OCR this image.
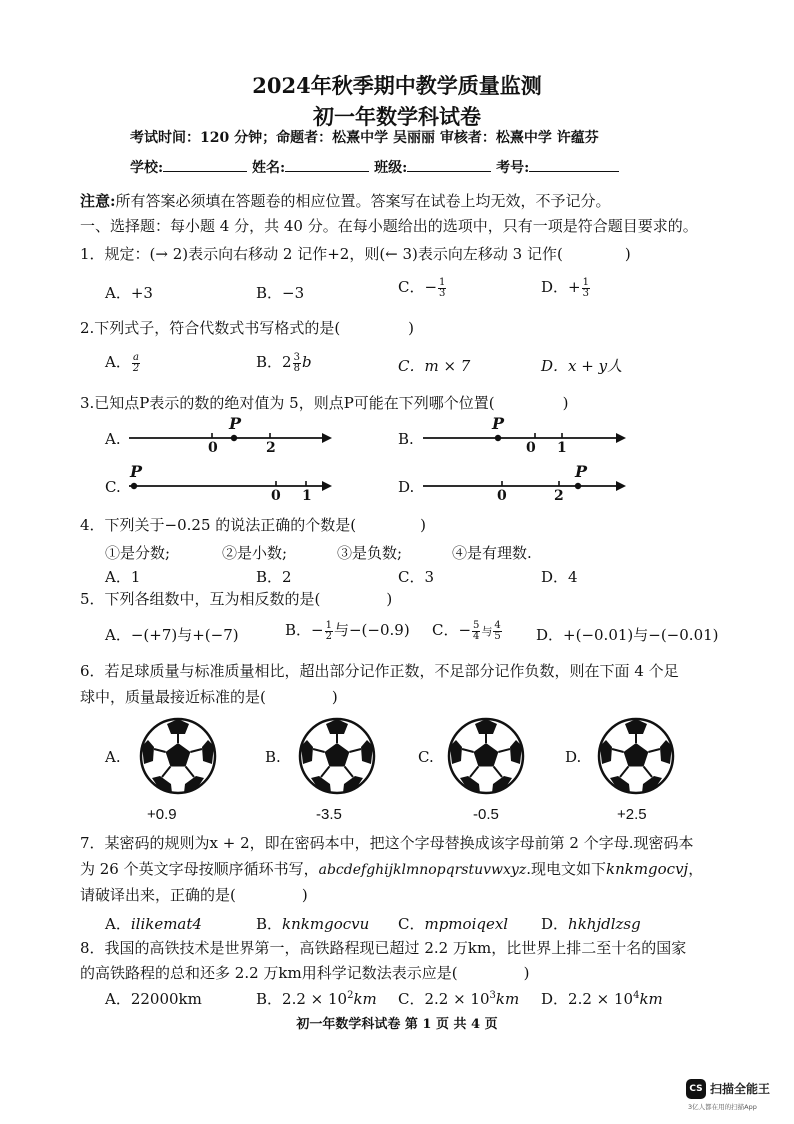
2024年秋季期中教学质量监测
初一年数学科试卷
考试时间：120 分钟；命题者：松熹中学 吴丽丽 审核者：松熹中学 许蕴芬
学校:	姓名:	班级:	考号:
注意:所有答案必须填在答题卷的相应位置。答案写在试卷上均无效，不予记分。
一、选择题：每小题 4 分，共 40 分。在每小题给出的选项中，只有一项是符合题目要求的。
1．规定：(→ 2)表示向右移动 2 记作+2，则(← 3)表示向左移动 3 记作(	)
A．+3	B．−3	C．− $\frac{1}{3}$	D．+ $\frac{1}{3}$
2.下列式子，符合代数式书写格式的是(	)
A． $\frac{a}{2}$	B．$2 \frac{3}{8}$ b	C．m × 7	D．x + y人
3.已知点P表示的数的绝对值为 5，则点P可能在下列哪个位置(	)
A.
P
0	2	B.
P
0 1
C.
P
0 1	D.
P
0	2
4．下列关于−0.25 的说法正确的个数是(	)
①是分数;	②是小数;	③是负数;	④是有理数.
A．1	B．2	C．3	D．4
5．下列各组数中，互为相反数的是(	)
A．−(+7)与+(−7)	B．− $\frac{1}{2}$ 与−(−0.9) C．− $\frac{5}{4}$ 与 $\frac{4}{5}$ D．+(−0.01)与−(−0.01)
6．若足球质量与标准质量相比，超出部分记作正数，不足部分记作负数，则在下面 4 个足
球中，质量最接近标准的是(	)
A.
+0.9
B.
-3.5
C.
-0.5
D.
+2.5
7．某密码的规则为x + 2，即在密码本中，把这个字母替换成该字母前第 2 个字母.现密码本
为 26 个英文字母按顺序循环书写，abcdefghijklmnopqrstuvwxyz.现电文如下knkmgocvj，
请破译出来，正确的是(	)
A．ilikemat4	B．knkmgocvu C．mpmoiqexl D．hkhjdlzsg
8．我国的高铁技术是世界第一，高铁路程现已超过 2.2 万km，比世界上排二至十名的国家
的高铁路程的总和还多 2.2 万km用科学记数法表示应是(	)
A．22000km	B．$2.2 \times 10^2km$ C．$2.2 \times 10^3km$ D．$2.2 \times 10^4km$
初一年数学科试卷 第 1 页 共 4 页
CS 扫描全能王
3亿人都在用的扫描App
